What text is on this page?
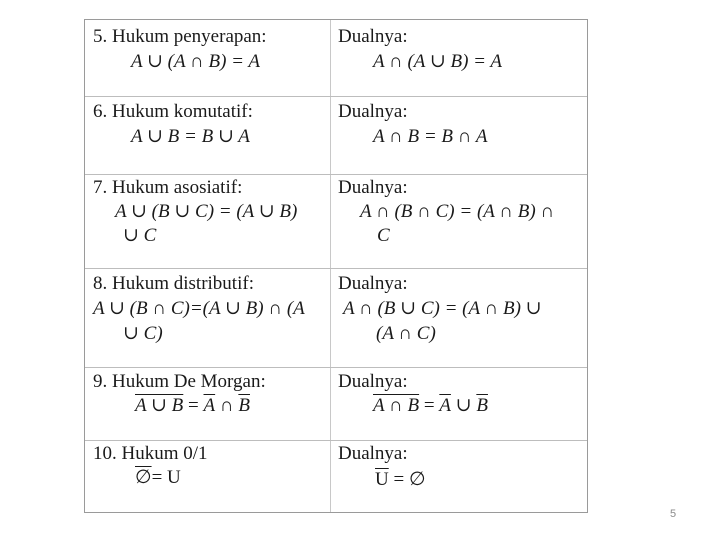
5. Hukum penyerapan:
A ∪ (A ∩ B) = A
Dualnya:
A ∩ (A ∪ B) = A
6. Hukum komutatif:
A ∪ B = B ∪ A
Dualnya:
A ∩ B = B ∩ A
7. Hukum asosiatif:
A ∪ (B ∪ C) = (A ∪ B)
∪ C
Dualnya:
A ∩ (B ∩ C) = (A ∩ B) ∩
C
8. Hukum distributif:
A ∪ (B ∩ C)=(A ∪ B) ∩ (A
∪ C)
Dualnya:
A ∩ (B ∪ C) = (A ∩ B) ∪
(A ∩ C)
9. Hukum De Morgan:
A ∪ $B = \overline{A}$ ∩ $\overline{B}$
Dualnya:
A ∩ $B = \overline{A}$ ∪ $\overline{B}$
10. Hukum 0/1
∅= U
Dualnya:
$\overline{U}$ = ∅
5
